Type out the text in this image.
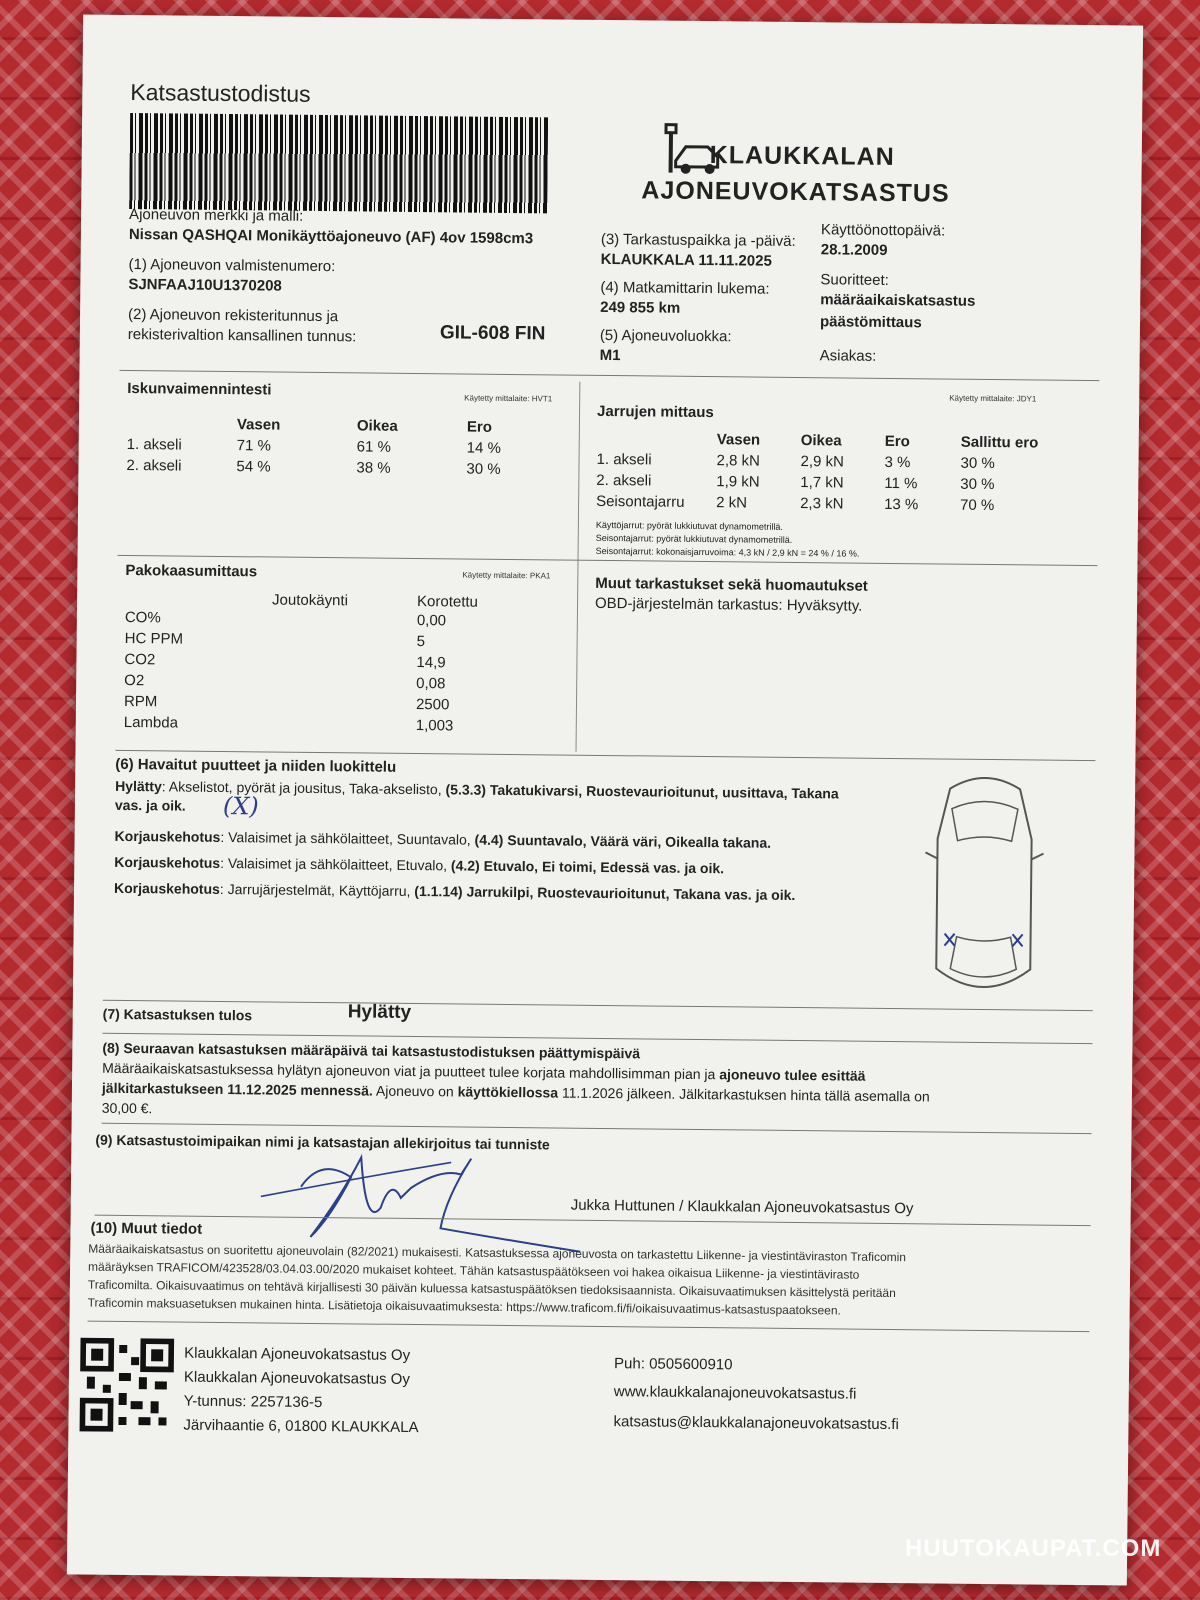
Katsastustodistus
KLAUKKALAN
AJONEUVOKATSASTUS
Ajoneuvon merkki ja malli:
Nissan QASHQAI Monikäyttöajoneuvo (AF) 4ov 1598cm3
(1) Ajoneuvon valmistenumero:
SJNFAAJ10U1370208
(2) Ajoneuvon rekisteritunnus ja
rekisterivaltion kansallinen tunnus:	GIL-608 FIN
(3) Tarkastuspaikka ja -päivä:
KLAUKKALA 11.11.2025
Käyttöönottopäivä:
28.1.2009
(4) Matkamittarin lukema:
249 855 km
Suoritteet:
määräaikaiskatsastus
päästömittaus
(5) Ajoneuvoluokka:
M1	Asiakas:
Iskunvaimennintesti	Käytetty mittalaite: HVT1
	Vasen	Oikea	Ero
1. akseli	71 %	61 %	14 %
2. akseli	54 %	38 %	30 %
Käytetty mittalaite: JDY1
Jarrujen mittaus
	Vasen	Oikea	Ero	Sallittu ero
1. akseli	2,8 kN	2,9 kN	3 %	30 %
2. akseli	1,9 kN	1,7 kN	11 %	30 %
Seisontajarru	2 kN	2,3 kN	13 %	70 %
Käyttöjarrut: pyörät lukkiutuvat dynamometrillä.
Seisontajarrut: pyörät lukkiutuvat dynamometrillä.
Seisontajarrut: kokonaisjarruvoima: 4,3 kN / 2,9 kN = 24 % / 16 %.
Pakokaasumittaus	Käytetty mittalaite: PKA1
Joutokäynti	Korotettu
CO%	0,00
HC PPM	5
CO2	14,9
O2	0,08
RPM	2500
Lambda	1,003
Muut tarkastukset sekä huomautukset
OBD-järjestelmän tarkastus: Hyväksytty.
(6) Havaitut puutteet ja niiden luokittelu
Hylätty: Akselistot, pyörät ja jousitus, Taka-akselisto, (5.3.3) Takatukivarsi, Ruostevaurioitunut, uusittava, Takana
vas. ja oik. (X)
Korjauskehotus: Valaisimet ja sähkölaitteet, Suuntavalo, (4.4) Suuntavalo, Väärä väri, Oikealla takana.
Korjauskehotus: Valaisimet ja sähkölaitteet, Etuvalo, (4.2) Etuvalo, Ei toimi, Edessä vas. ja oik.
Korjauskehotus: Jarrujärjestelmät, Käyttöjarru, (1.1.14) Jarrukilpi, Ruostevaurioitunut, Takana vas. ja oik.
(7) Katsastuksen tulos	Hylätty
(8) Seuraavan katsastuksen määräpäivä tai katsastustodistuksen päättymispäivä
Määräaikaiskatsastuksessa hylätyn ajoneuvon viat ja puutteet tulee korjata mahdollisimman pian ja ajoneuvo tulee esittää
jälkitarkastukseen 11.12.2025 mennessä. Ajoneuvo on käyttökiellossa 11.1.2026 jälkeen. Jälkitarkastuksen hinta tällä asemalla on
30,00 €.
(9) Katsastustoimipaikan nimi ja katsastajan allekirjoitus tai tunniste
Jukka Huttunen / Klaukkalan Ajoneuvokatsastus Oy
(10) Muut tiedot
Määräaikaiskatsastus on suoritettu ajoneuvolain (82/2021) mukaisesti. Katsastuksessa ajoneuvosta on tarkastettu Liikenne- ja viestintäviraston Traficomin
määräyksen TRAFICOM/423528/03.04.03.00/2020 mukaiset kohteet. Tähän katsastuspäätökseen voi hakea oikaisua Liikenne- ja viestintävirasto
Traficomilta. Oikaisuvaatimus on tehtävä kirjallisesti 30 päivän kuluessa katsastuspäätöksen tiedoksisaannista. Oikaisuvaatimuksen käsittelystä peritään
Traficomin maksuasetuksen mukainen hinta. Lisätietoja oikaisuvaatimuksesta: https://www.traficom.fi/fi/oikaisuvaatimus-katsastuspaatokseen.
Klaukkalan Ajoneuvokatsastus Oy
Klaukkalan Ajoneuvokatsastus Oy
Y-tunnus: 2257136-5
Järvihaantie 6, 01800 KLAUKKALA
Puh: 0505600910
www.klaukkalanajoneuvokatsastus.fi
katsastus@klaukkalanajoneuvokatsastus.fi
HUUTOKAUPAT.COM
